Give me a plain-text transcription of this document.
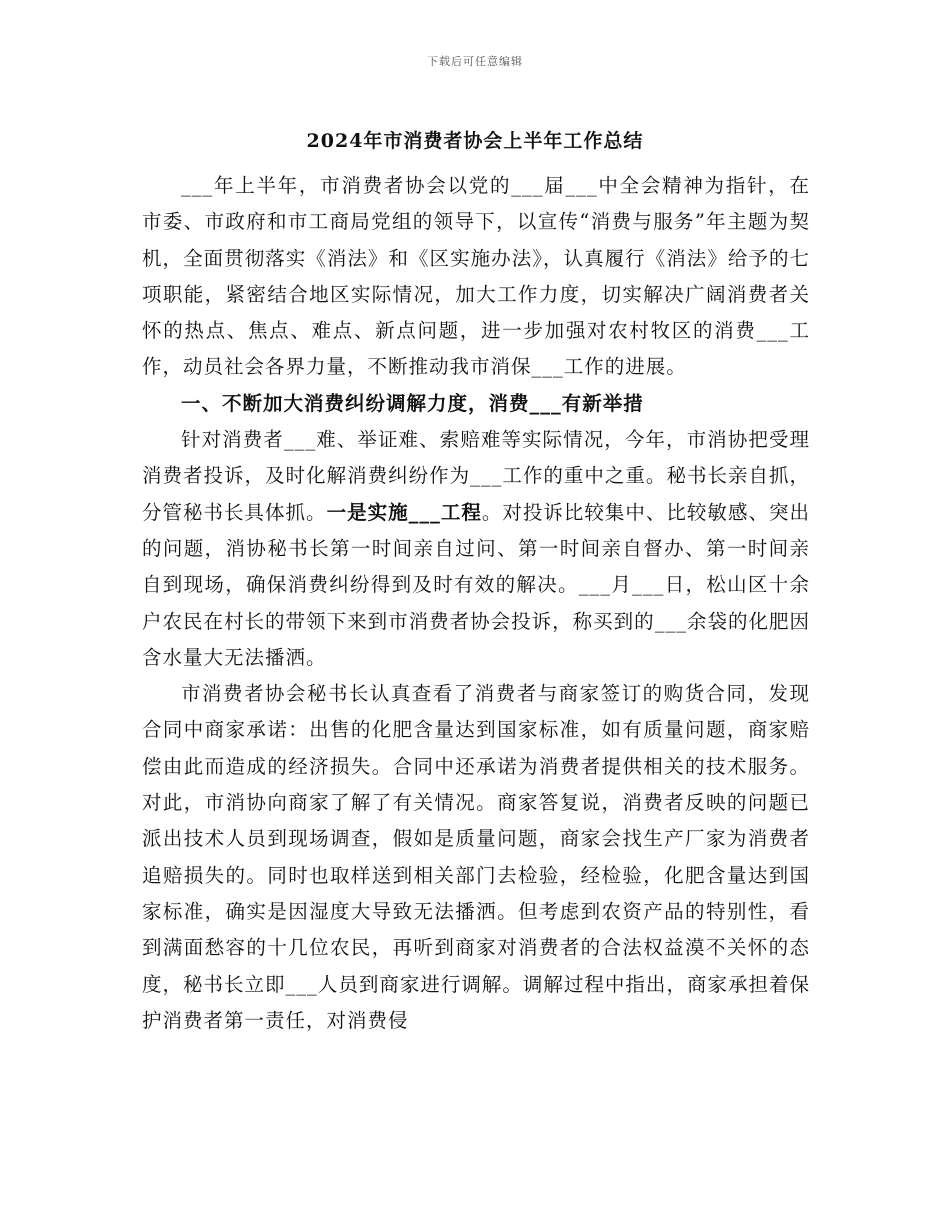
下载后可任意编辑
2024年市消费者协会上半年工作总结

___年上半年，市消费者协会以党的___届___中全会精神为指针，在市委、市政府和市工商局党组的领导下，以宣传“消费与服务”年主题为契机，全面贯彻落实《消法》和《区实施办法》，认真履行《消法》给予的七项职能，紧密结合地区实际情况，加大工作力度，切实解决广阔消费者关怀的热点、焦点、难点、新点问题，进一步加强对农村牧区的消费___工作，动员社会各界力量，不断推动我市消保___工作的进展。

一、不断加大消费纠纷调解力度，消费___有新举措

针对消费者___难、举证难、索赔难等实际情况，今年，市消协把受理消费者投诉，及时化解消费纠纷作为___工作的重中之重。秘书长亲自抓，分管秘书长具体抓。一是实施___工程。对投诉比较集中、比较敏感、突出的问题，消协秘书长第一时间亲自过问、第一时间亲自督办、第一时间亲自到现场，确保消费纠纷得到及时有效的解决。___月___日，松山区十余户农民在村长的带领下来到市消费者协会投诉，称买到的___余袋的化肥因含水量大无法播洒。

市消费者协会秘书长认真查看了消费者与商家签订的购货合同，发现合同中商家承诺：出售的化肥含量达到国家标准，如有质量问题，商家赔偿由此而造成的经济损失。合同中还承诺为消费者提供相关的技术服务。对此，市消协向商家了解了有关情况。商家答复说，消费者反映的问题已派出技术人员到现场调查，假如是质量问题，商家会找生产厂家为消费者追赔损失的。同时也取样送到相关部门去检验，经检验，化肥含量达到国家标准，确实是因湿度大导致无法播洒。但考虑到农资产品的特别性，看到满面愁容的十几位农民，再听到商家对消费者的合法权益漠不关怀的态度，秘书长立即___人员到商家进行调解。调解过程中指出，商家承担着保护消费者第一责任，对消费侵
